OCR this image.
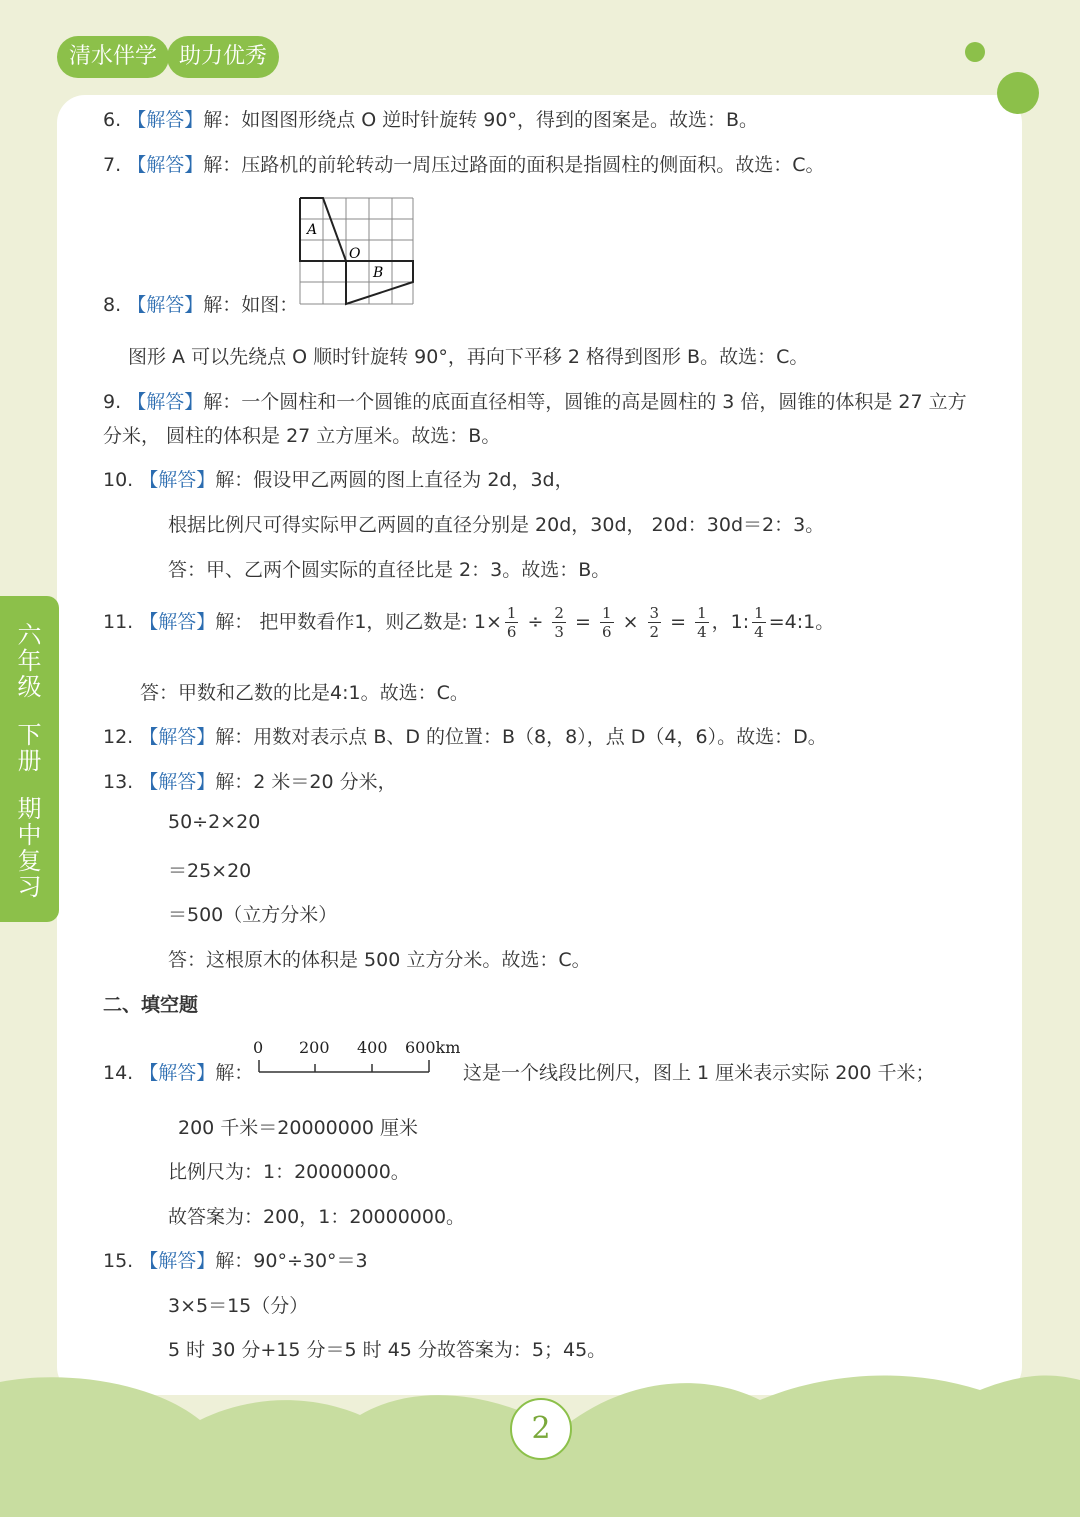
清水伴学 助力优秀
六
年
级
下
册
期
中
复
习
6. 【解答】解：如图图形绕点 O 逆时针旋转 90°，得到的图案是。故选：B。
7. 【解答】解：压路机的前轮转动一周压过路面的面积是指圆柱的侧面积。故选：C。
A
O
B
8. 【解答】解：如图：
图形 A 可以先绕点 O 顺时针旋转 90°，再向下平移 2 格得到图形 B。故选：C。
9. 【解答】解：一个圆柱和一个圆锥的底面直径相等，圆锥的高是圆柱的 3 倍，圆锥的体积是 27 立方
分米， 圆柱的体积是 27 立方厘米。故选：B。
10. 【解答】解：假设甲乙两圆的图上直径为 2d，3d，
根据比例尺可得实际甲乙两圆的直径分别是 20d，30d， 20d：30d＝2：3。
答：甲、乙两个圆实际的直径比是 2：3。故选：B。
11. 【解答】解： 把甲数看作1，则乙数是: $1\times \frac{1}{6} \div \frac{2}{3} = \frac{1}{6} \times \frac{3}{2} = \frac{1}{4}$ ，1: $\frac{1}{4}$ =4:1。
答：甲数和乙数的比是4:1。故选：C。
12. 【解答】解：用数对表示点 B、D 的位置：B（8，8），点 D（4，6）。故选：D。
13. 【解答】解：2 米＝20 分米，
50÷2×20
＝25×20
＝500（立方分米）
答：这根原木的体积是 500 立方分米。故选：C。
二、填空题
14. 【解答】解：
0 200 400 600km
这是一个线段比例尺，图上 1 厘米表示实际 200 千米；
200 千米＝20000000 厘米
比例尺为：1：20000000。
故答案为：200，1：20000000。
15. 【解答】解：90°÷30°＝3
3×5＝15（分）
5 时 30 分+15 分＝5 时 45 分故答案为：5；45。
2
